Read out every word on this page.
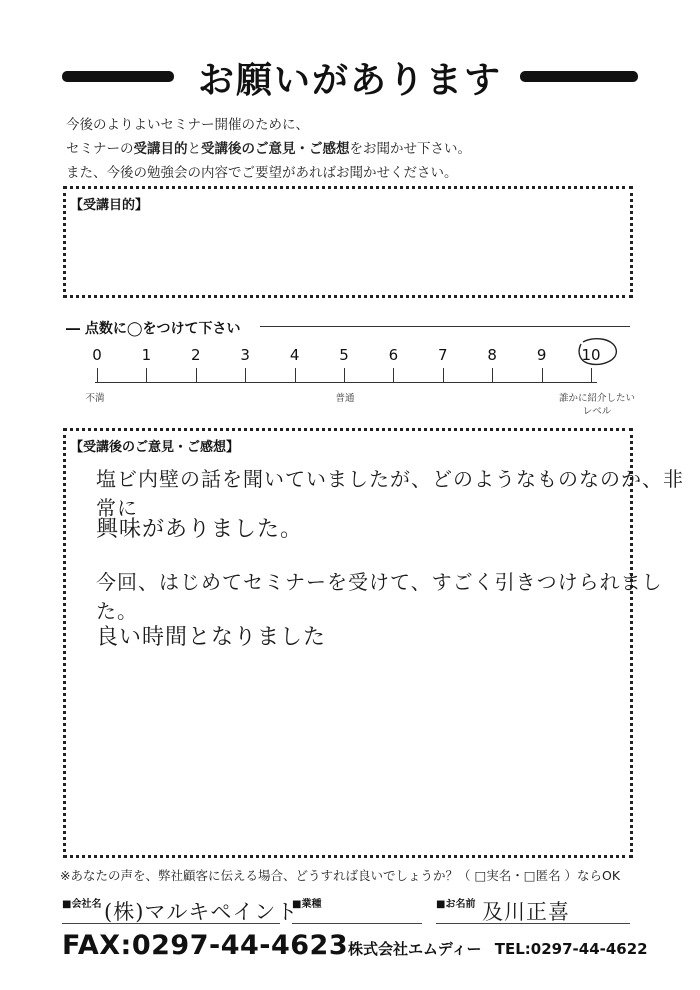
お願いがあります
今後のよりよいセミナー開催のために、
セミナーの受講目的と受講後のご意見・ご感想をお聞かせ下さい。
また、今後の勉強会の内容でご要望があればお聞かせください。
【受講目的】
― 点数に◯をつけて下さい
0	1	2	3	4	5	6	7	8	9	10
不満	普通	誰かに紹介したい
レベル
【受講後のご意見・ご感想】
塩ビ内壁の話を聞いていましたが、どのようなものなのか、非常に
興味がありました。
今回、はじめてセミナーを受けて、すごく引きつけられました。
良い時間となりました
※あなたの声を、弊社顧客に伝える場合、どうすれば良いでしょうか？（ □実名・□匿名 ）ならOK
■会社名 (株)マルキペイント
■業種	■お名前 及川正喜
FAX:0297-44-4623 株式会社エムディー TEL:0297-44-4622
